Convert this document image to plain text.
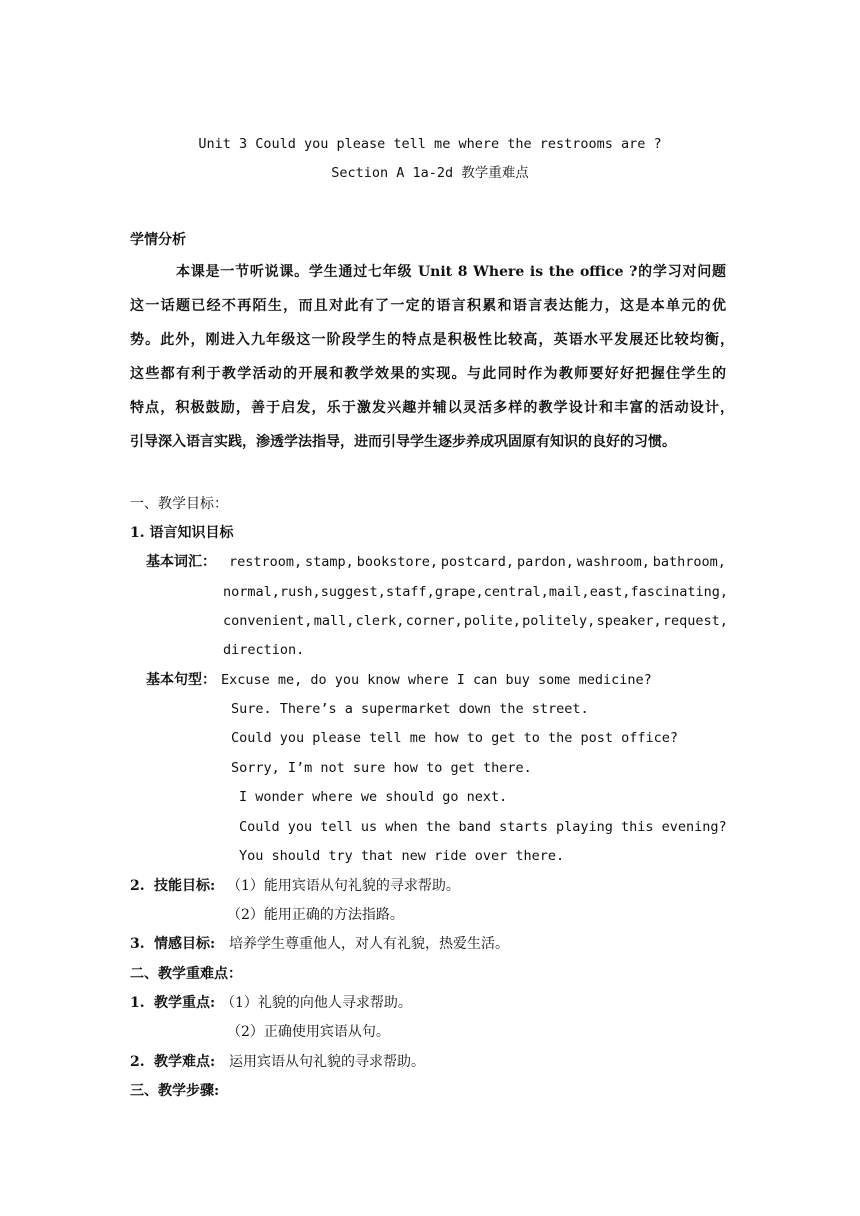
Unit 3 Could you please tell me where the restrooms are ?
Section A 1a-2d 教学重难点
学情分析
本课是一节听说课。学生通过七年级 Unit 8 Where is the office ?的学习对问题
这一话题已经不再陌生，而且对此有了一定的语言积累和语言表达能力，这是本单元的优
势。此外，刚进入九年级这一阶段学生的特点是积极性比较高，英语水平发展还比较均衡，
这些都有利于教学活动的开展和教学效果的实现。与此同时作为教师要好好把握住学生的
特点，积极鼓励，善于启发，乐于激发兴趣并辅以灵活多样的教学设计和丰富的活动设计，
引导深入语言实践，渗透学法指导，进而引导学生逐步养成巩固原有知识的良好的习惯。
一、教学目标：
1. 语言知识目标
基本词汇： restroom, stamp, bookstore, postcard, pardon, washroom, bathroom,
normal, rush, suggest, staff, grape, central, mail, east, fascinating,
convenient, mall, clerk, corner, polite, politely, speaker, request,
direction.
基本句型： Excuse me, do you know where I can buy some medicine?
Sure. There’s a supermarket down the street.
Could you please tell me how to get to the post office?
Sorry, I’m not sure how to get there.
I wonder where we should go next.
Could you tell us when the band starts playing this evening?
You should try that new ride over there.
2. 技能目标: （1）能用宾语从句礼貌的寻求帮助。
（2）能用正确的方法指路。
3. 情感目标: 培养学生尊重他人，对人有礼貌，热爱生活。
二、教学重难点：
1. 教学重点: （1）礼貌的向他人寻求帮助。
（2）正确使用宾语从句。
2. 教学难点: 运用宾语从句礼貌的寻求帮助。
三、教学步骤:
